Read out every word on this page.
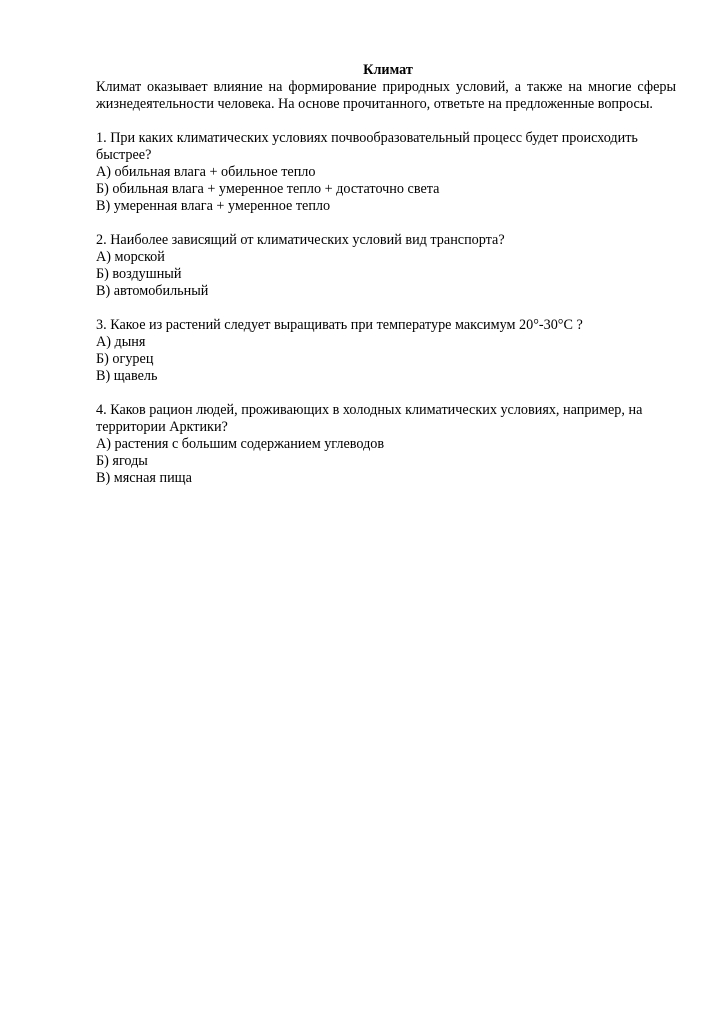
Климат

Климат оказывает влияние на формирование природных условий, а также на многие сферы жизнедеятельности человека. На основе прочитанного, ответьте на предложенные вопросы.

1. При каких климатических условиях почвообразовательный процесс будет происходить быстрее?

А) обильная влага + обильное тепло

Б) обильная влага + умеренное тепло + достаточно света

В) умеренная влага + умеренное тепло

2. Наиболее зависящий от климатических условий вид транспорта?

А) морской

Б) воздушный

В) автомобильный

3. Какое из растений следует выращивать при температуре максимум 20°-30°С ?

А) дыня

Б) огурец

В) щавель

4. Каков рацион людей, проживающих в холодных климатических условиях, например, на территории Арктики?

А) растения с большим содержанием углеводов

Б) ягоды

В) мясная пища
